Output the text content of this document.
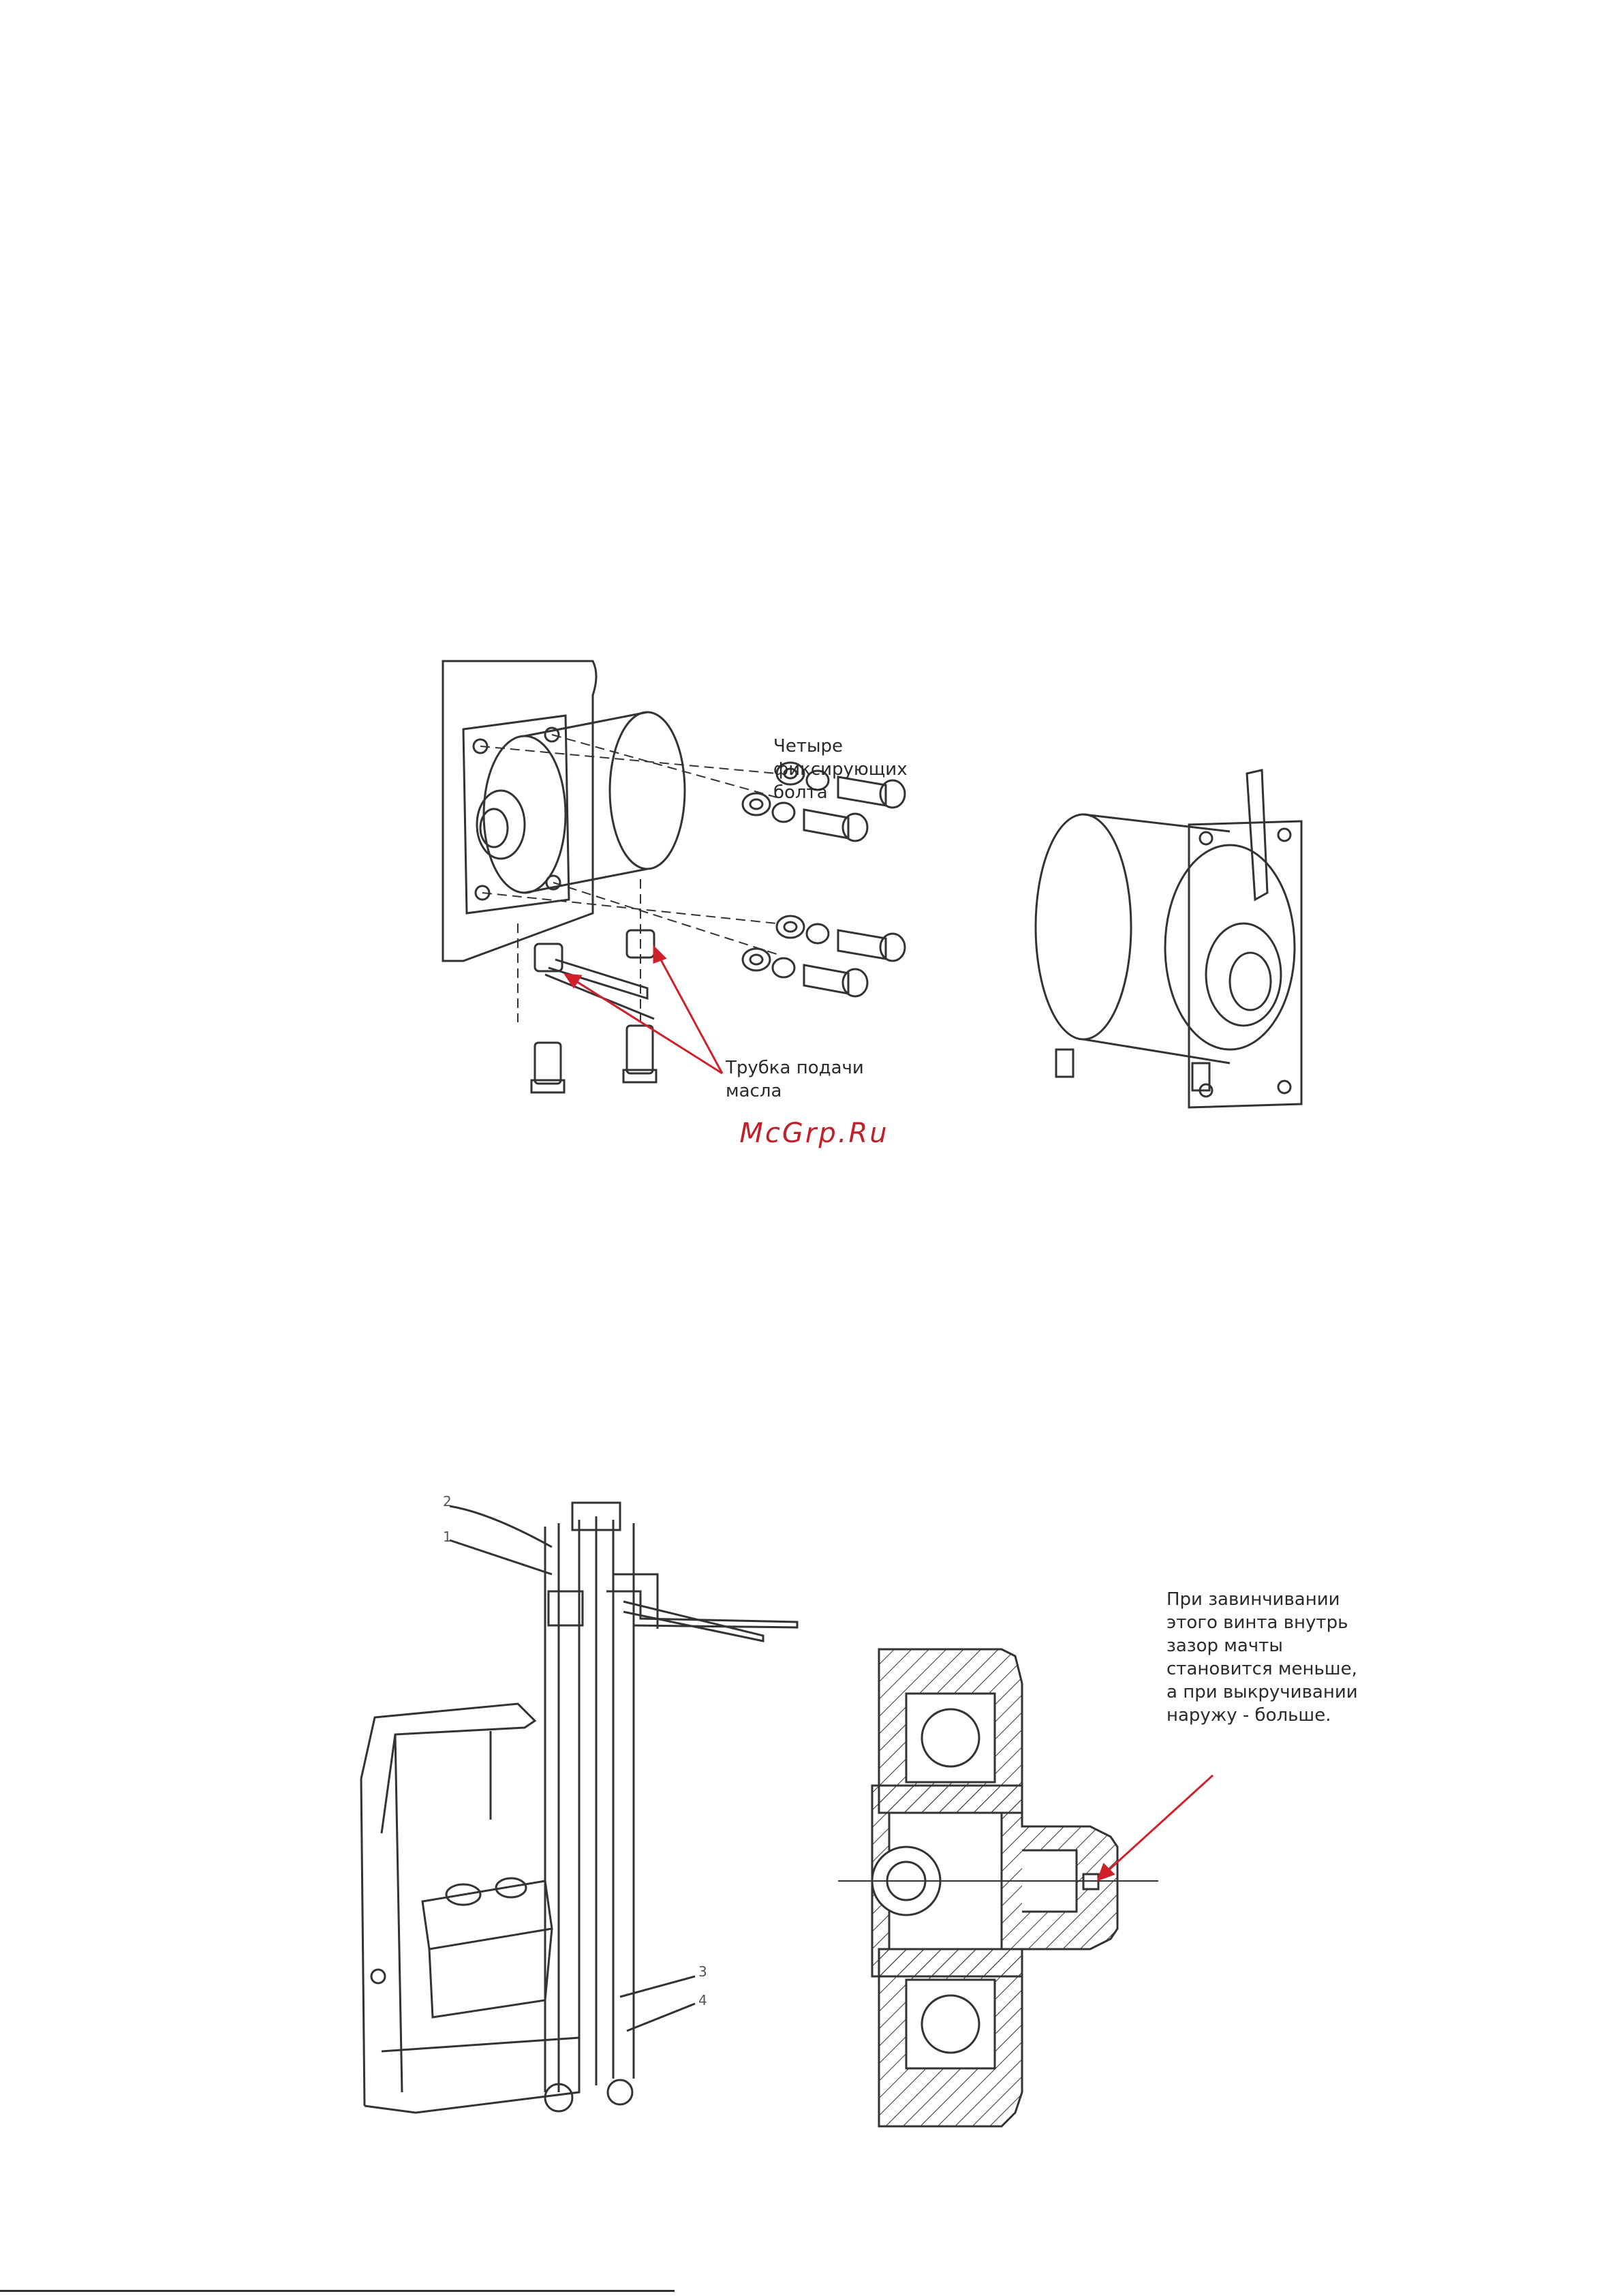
Четыре
фиксирующих болта

Трубка подачи
масла

McGrp.Ru
2
1
3
4

При завинчивании
этого винта внутрь
зазор мачты
становится меньше,
а при выкручивании
наружу - больше.
